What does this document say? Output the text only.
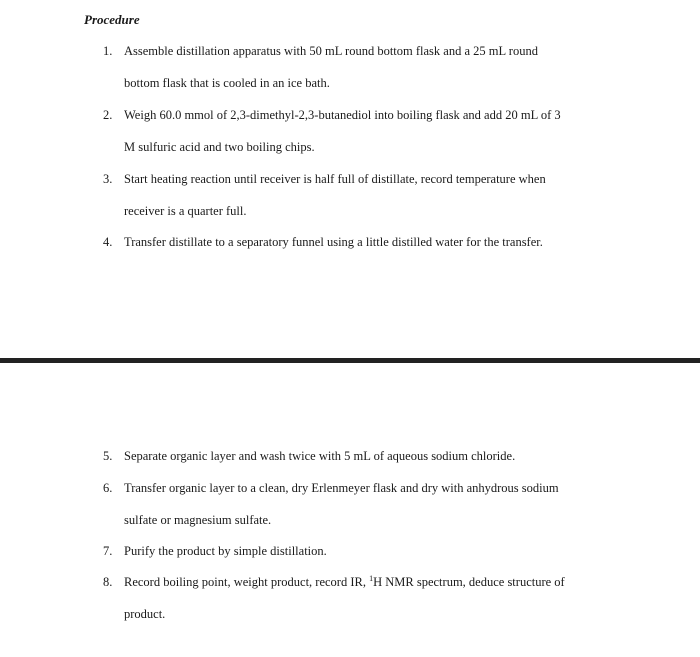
Procedure
1. Assemble distillation apparatus with 50 mL round bottom flask and a 25 mL round
bottom flask that is cooled in an ice bath.
2. Weigh 60.0 mmol of 2,3-dimethyl-2,3-butanediol into boiling flask and add 20 mL of 3
M sulfuric acid and two boiling chips.
3. Start heating reaction until receiver is half full of distillate, record temperature when
receiver is a quarter full.
4. Transfer distillate to a separatory funnel using a little distilled water for the transfer.
5. Separate organic layer and wash twice with 5 mL of aqueous sodium chloride.
6. Transfer organic layer to a clean, dry Erlenmeyer flask and dry with anhydrous sodium
sulfate or magnesium sulfate.
7. Purify the product by simple distillation.
8. Record boiling point, weight product, record IR, $^1$H NMR spectrum, deduce structure of
product.
